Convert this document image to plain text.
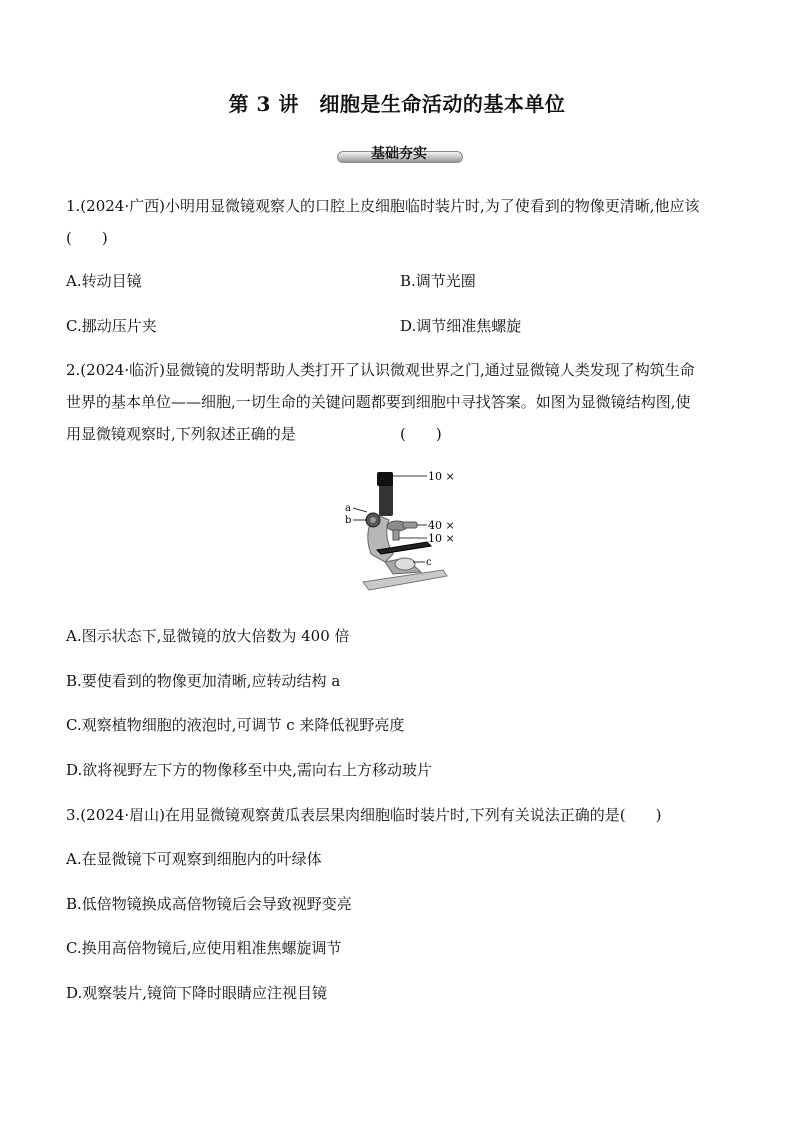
第 3 讲　细胞是生命活动的基本单位
基础夯实
1.(2024·广西)小明用显微镜观察人的口腔上皮细胞临时装片时,为了使看到的物像更清晰,他应该
(　　)
A.转动目镜	B.调节光圈
C.挪动压片夹	D.调节细准焦螺旋
2.(2024·临沂)显微镜的发明帮助人类打开了认识微观世界之门,通过显微镜人类发现了构筑生命
世界的基本单位——细胞,一切生命的关键问题都要到细胞中寻找答案。如图为显微镜结构图,使
用显微镜观察时,下列叙述正确的是	(　　)
10 ×
40 ×
10 ×
a
b
c
A.图示状态下,显微镜的放大倍数为 400 倍
B.要使看到的物像更加清晰,应转动结构 a
C.观察植物细胞的液泡时,可调节 c 来降低视野亮度
D.欲将视野左下方的物像移至中央,需向右上方移动玻片
3.(2024·眉山)在用显微镜观察黄瓜表层果肉细胞临时装片时,下列有关说法正确的是(　　)
A.在显微镜下可观察到细胞内的叶绿体
B.低倍物镜换成高倍物镜后会导致视野变亮
C.换用高倍物镜后,应使用粗准焦螺旋调节
D.观察装片,镜筒下降时眼睛应注视目镜
